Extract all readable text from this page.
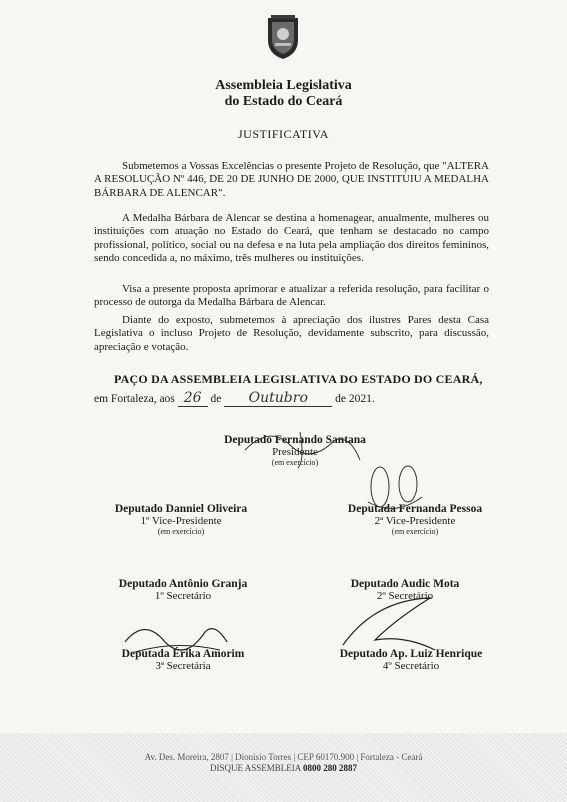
Assembleia Legislativa
do Estado do Ceará
JUSTIFICATIVA

Submetemos a Vossas Excelências o presente Projeto de Resolução, que "ALTERA A RESOLUÇÃO Nº 446, DE 20 DE JUNHO DE 2000, QUE INSTITUIU A MEDALHA BÁRBARA DE ALENCAR".

A Medalha Bárbara de Alencar se destina a homenagear, anualmente, mulheres ou instituições com atuação no Estado do Ceará, que tenham se destacado no campo profissional, político, social ou na defesa e na luta pela ampliação dos direitos femininos, sendo concedida a, no máximo, três mulheres ou instituições.

Visa a presente proposta aprimorar e atualizar a referida resolução, para facilitar o processo de outorga da Medalha Bárbara de Alencar.

Diante do exposto, submetemos à apreciação dos ilustres Pares desta Casa Legislativa o incluso Projeto de Resolução, devidamente subscrito, para discussão, apreciação e votação.

PAÇO DA ASSEMBLEIA LEGISLATIVA DO ESTADO DO CEARÁ,
em Fortaleza, aos 26 de Outubro de 2021.
Deputado Fernando Santana
Presidente
(em exercício)
Deputado Danniel Oliveira
1º Vice-Presidente
(em exercício)
Deputada Fernanda Pessoa
2ª Vice-Presidente
(em exercício)
Deputado Antônio Granja
1º Secretário
Deputado Audic Mota
2º Secretário
Deputada Érika Amorim
3ª Secretária
Deputado Ap. Luiz Henrique
4º Secretário
Av. Des. Moreira, 2807 | Dionísio Torres | CEP 60170.900 | Fortaleza - Ceará
DISQUE ASSEMBLEIA 0800 280 2887
